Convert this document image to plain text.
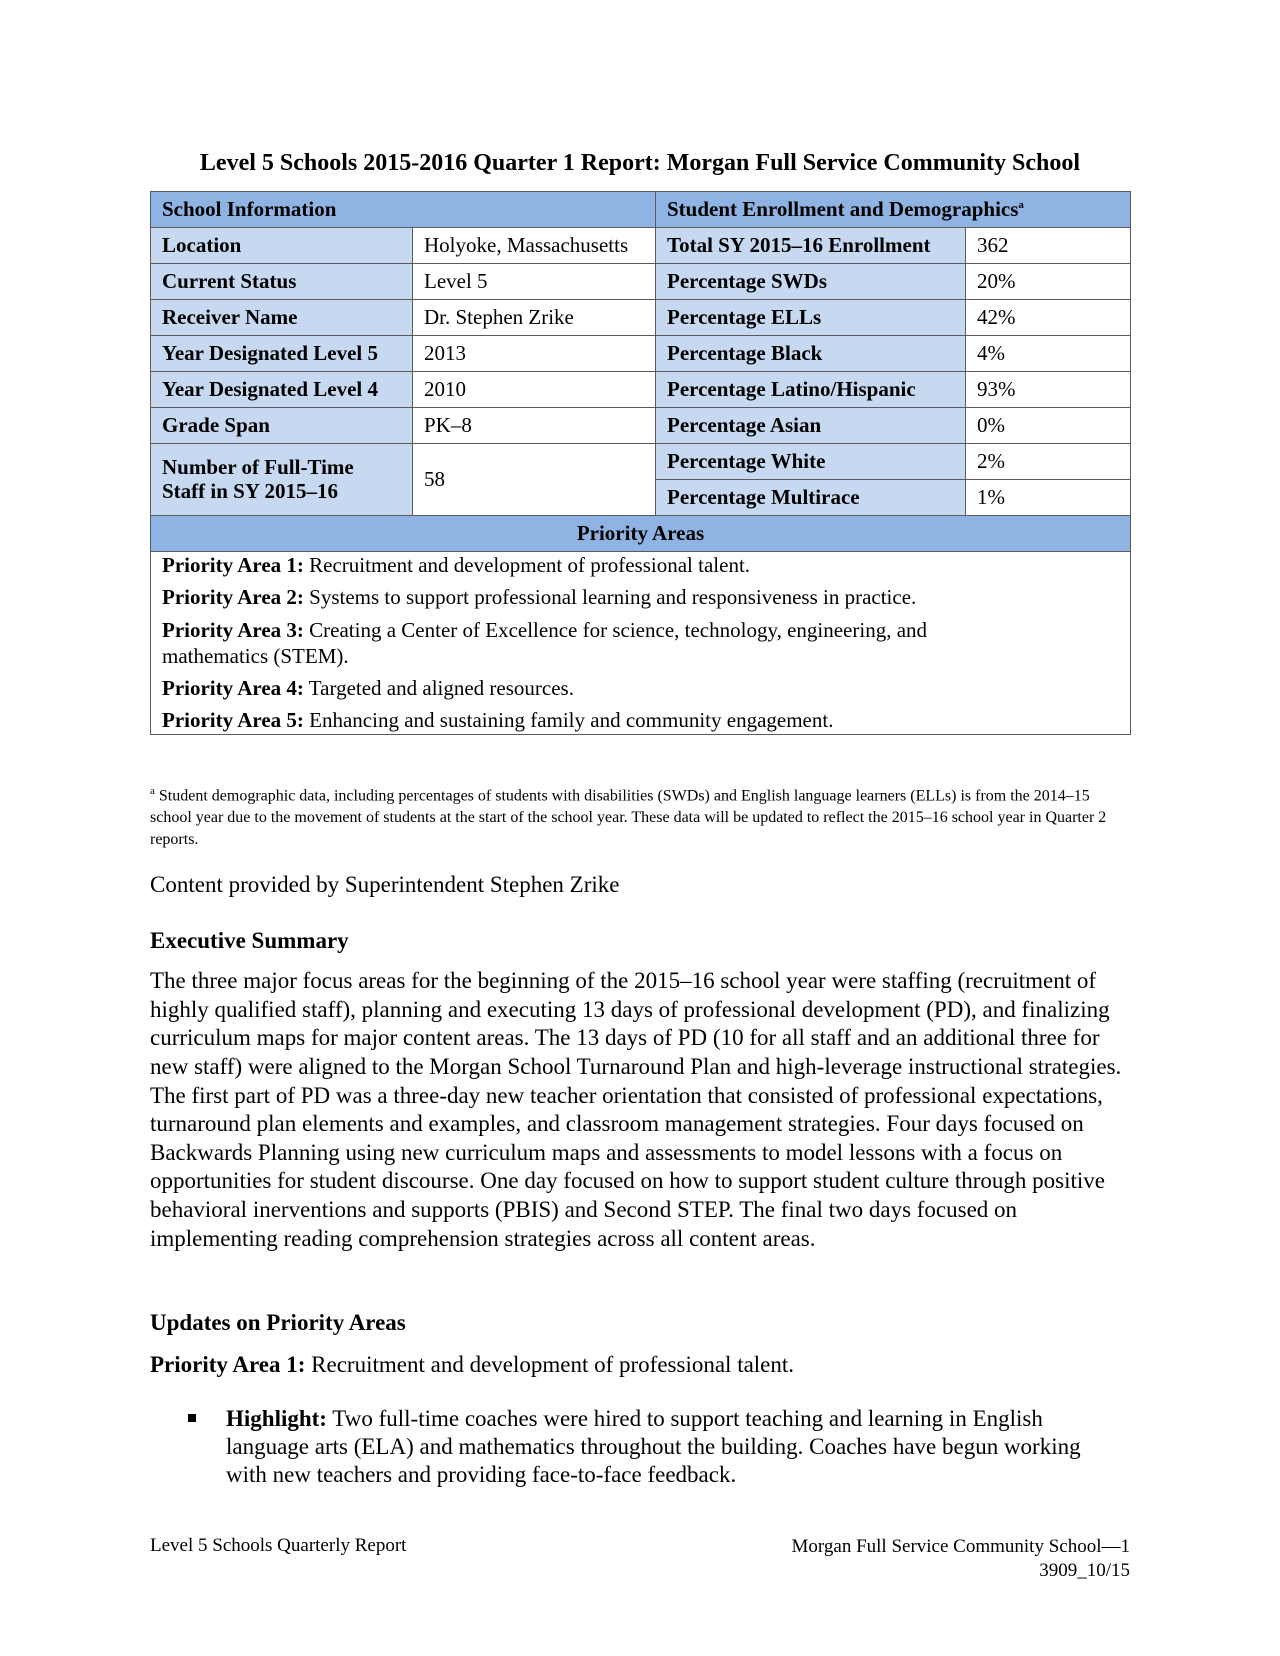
Level 5 Schools 2015-2016 Quarter 1 Report: Morgan Full Service Community School
School Information		Student Enrollment and Demographics$^a$
Location	Holyoke, Massachusetts	Total SY 2015–16 Enrollment	362
Current Status	Level 5	Percentage SWDs	20%
Receiver Name	Dr. Stephen Zrike	Percentage ELLs	42%
Year Designated Level 5	2013	Percentage Black	4%
Year Designated Level 4	2010	Percentage Latino/Hispanic	93%
Grade Span	PK–8	Percentage Asian	0%
Number of Full-Time Staff in SY 2015–16	58	Percentage White	2%
		Percentage Multirace	1%
Priority Areas			

Priority Area 1: Recruitment and development of professional talent.
Priority Area 2: Systems to support professional learning and responsiveness in practice.
Priority Area 3: Creating a Center of Excellence for science, technology, engineering, and mathematics (STEM).
Priority Area 4: Targeted and aligned resources.
Priority Area 5: Enhancing and sustaining family and community engagement.			
$^a$ Student demographic data, including percentages of students with disabilities (SWDs) and English language learners (ELLs) is from the 2014–15 school year due to the movement of students at the start of the school year. These data will be updated to reflect the 2015–16 school year in Quarter 2 reports.
Content provided by Superintendent Stephen Zrike
Executive Summary
The three major focus areas for the beginning of the 2015–16 school year were staffing (recruitment of highly qualified staff), planning and executing 13 days of professional development (PD), and finalizing curriculum maps for major content areas. The 13 days of PD (10 for all staff and an additional three for new staff) were aligned to the Morgan School Turnaround Plan and high-leverage instructional strategies. The first part of PD was a three-day new teacher orientation that consisted of professional expectations, turnaround plan elements and examples, and classroom management strategies. Four days focused on Backwards Planning using new curriculum maps and assessments to model lessons with a focus on opportunities for student discourse. One day focused on how to support student culture through positive behavioral inerventions and supports (PBIS) and Second STEP. The final two days focused on implementing reading comprehension strategies across all content areas.
Updates on Priority Areas
Priority Area 1: Recruitment and development of professional talent.
Highlight: Two full-time coaches were hired to support teaching and learning in English language arts (ELA) and mathematics throughout the building. Coaches have begun working with new teachers and providing face-to-face feedback.
Level 5 Schools Quarterly Report	Morgan Full Service Community School—1
3909_10/15
